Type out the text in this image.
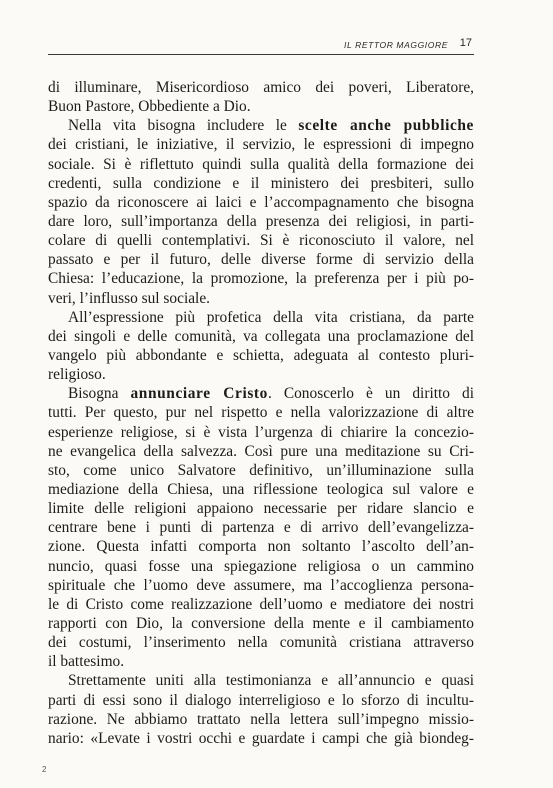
IL RETTOR MAGGIORE 17
di illuminare, Misericordioso amico dei poveri, Liberatore,
Buon Pastore, Obbediente a Dio.
Nella vita bisogna includere le scelte anche pubbliche
dei cristiani, le iniziative, il servizio, le espressioni di impegno
sociale. Si è riflettuto quindi sulla qualità della formazione dei
credenti, sulla condizione e il ministero dei presbiteri, sullo
spazio da riconoscere ai laici e l’accompagnamento che bisogna
dare loro, sull’importanza della presenza dei religiosi, in parti-
colare di quelli contemplativi. Si è riconosciuto il valore, nel
passato e per il futuro, delle diverse forme di servizio della
Chiesa: l’educazione, la promozione, la preferenza per i più po-
veri, l’influsso sul sociale.
All’espressione più profetica della vita cristiana, da parte
dei singoli e delle comunità, va collegata una proclamazione del
vangelo più abbondante e schietta, adeguata al contesto pluri-
religioso.
Bisogna annunciare Cristo. Conoscerlo è un diritto di
tutti. Per questo, pur nel rispetto e nella valorizzazione di altre
esperienze religiose, si è vista l’urgenza di chiarire la concezio-
ne evangelica della salvezza. Così pure una meditazione su Cri-
sto, come unico Salvatore definitivo, un’illuminazione sulla
mediazione della Chiesa, una riflessione teologica sul valore e
limite delle religioni appaiono necessarie per ridare slancio e
centrare bene i punti di partenza e di arrivo dell’evangelizza-
zione. Questa infatti comporta non soltanto l’ascolto dell’an-
nuncio, quasi fosse una spiegazione religiosa o un cammino
spirituale che l’uomo deve assumere, ma l’accoglienza persona-
le di Cristo come realizzazione dell’uomo e mediatore dei nostri
rapporti con Dio, la conversione della mente e il cambiamento
dei costumi, l’inserimento nella comunità cristiana attraverso
il battesimo.
Strettamente uniti alla testimonianza e all’annuncio e quasi
parti di essi sono il dialogo interreligioso e lo sforzo di incultu-
razione. Ne abbiamo trattato nella lettera sull’impegno missio-
nario: «Levate i vostri occhi e guardate i campi che già biondeg-
2
